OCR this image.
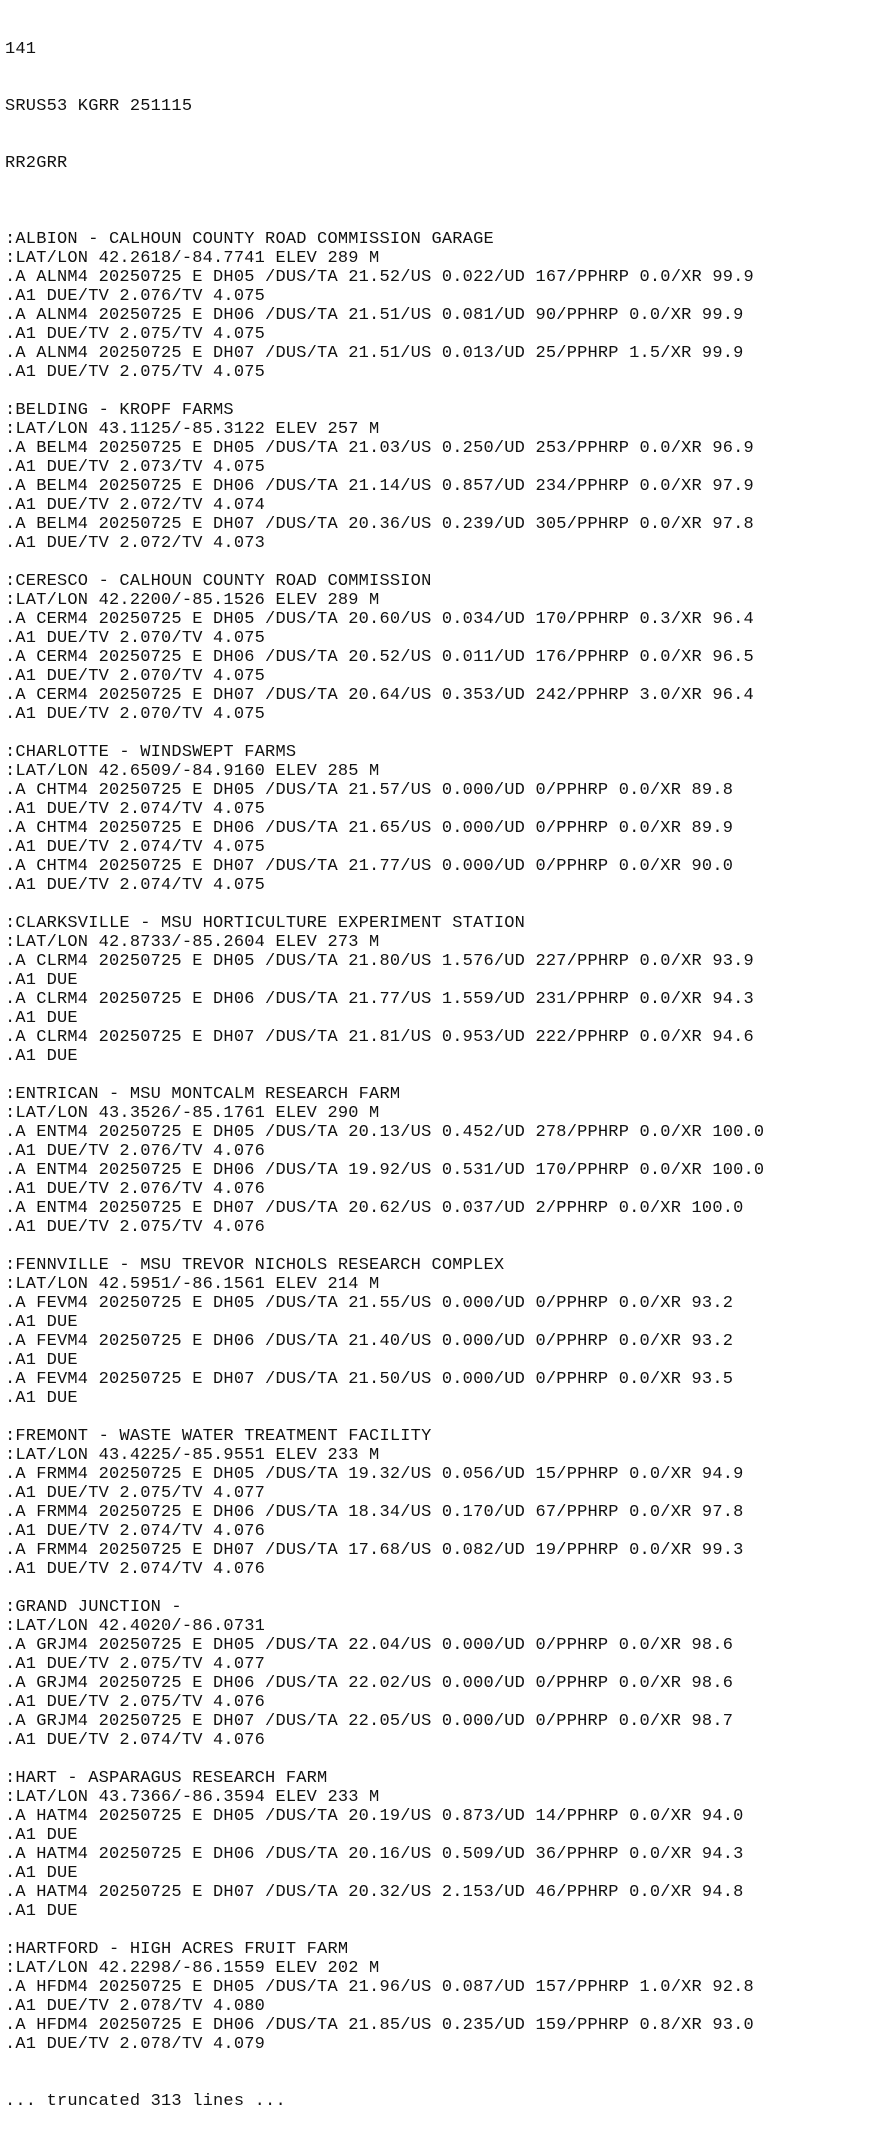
141

SRUS53 KGRR 251115

RR2GRR

:ALBION - CALHOUN COUNTY ROAD COMMISSION GARAGE
:LAT/LON 42.2618/-84.7741 ELEV 289 M
.A ALNM4 20250725 E DH05 /DUS/TA 21.52/US 0.022/UD 167/PPHRP 0.0/XR 99.9
.A1 DUE/TV 2.076/TV 4.075
.A ALNM4 20250725 E DH06 /DUS/TA 21.51/US 0.081/UD 90/PPHRP 0.0/XR 99.9
.A1 DUE/TV 2.075/TV 4.075
.A ALNM4 20250725 E DH07 /DUS/TA 21.51/US 0.013/UD 25/PPHRP 1.5/XR 99.9
.A1 DUE/TV 2.075/TV 4.075
:BELDING - KROPF FARMS
:LAT/LON 43.1125/-85.3122 ELEV 257 M
.A BELM4 20250725 E DH05 /DUS/TA 21.03/US 0.250/UD 253/PPHRP 0.0/XR 96.9
.A1 DUE/TV 2.073/TV 4.075
.A BELM4 20250725 E DH06 /DUS/TA 21.14/US 0.857/UD 234/PPHRP 0.0/XR 97.9
.A1 DUE/TV 2.072/TV 4.074
.A BELM4 20250725 E DH07 /DUS/TA 20.36/US 0.239/UD 305/PPHRP 0.0/XR 97.8
.A1 DUE/TV 2.072/TV 4.073
:CERESCO - CALHOUN COUNTY ROAD COMMISSION
:LAT/LON 42.2200/-85.1526 ELEV 289 M
.A CERM4 20250725 E DH05 /DUS/TA 20.60/US 0.034/UD 170/PPHRP 0.3/XR 96.4
.A1 DUE/TV 2.070/TV 4.075
.A CERM4 20250725 E DH06 /DUS/TA 20.52/US 0.011/UD 176/PPHRP 0.0/XR 96.5
.A1 DUE/TV 2.070/TV 4.075
.A CERM4 20250725 E DH07 /DUS/TA 20.64/US 0.353/UD 242/PPHRP 3.0/XR 96.4
.A1 DUE/TV 2.070/TV 4.075
:CHARLOTTE - WINDSWEPT FARMS
:LAT/LON 42.6509/-84.9160 ELEV 285 M
.A CHTM4 20250725 E DH05 /DUS/TA 21.57/US 0.000/UD 0/PPHRP 0.0/XR 89.8
.A1 DUE/TV 2.074/TV 4.075
.A CHTM4 20250725 E DH06 /DUS/TA 21.65/US 0.000/UD 0/PPHRP 0.0/XR 89.9
.A1 DUE/TV 2.074/TV 4.075
.A CHTM4 20250725 E DH07 /DUS/TA 21.77/US 0.000/UD 0/PPHRP 0.0/XR 90.0
.A1 DUE/TV 2.074/TV 4.075
:CLARKSVILLE - MSU HORTICULTURE EXPERIMENT STATION
:LAT/LON 42.8733/-85.2604 ELEV 273 M
.A CLRM4 20250725 E DH05 /DUS/TA 21.80/US 1.576/UD 227/PPHRP 0.0/XR 93.9
.A1 DUE
.A CLRM4 20250725 E DH06 /DUS/TA 21.77/US 1.559/UD 231/PPHRP 0.0/XR 94.3
.A1 DUE
.A CLRM4 20250725 E DH07 /DUS/TA 21.81/US 0.953/UD 222/PPHRP 0.0/XR 94.6
.A1 DUE
:ENTRICAN - MSU MONTCALM RESEARCH FARM
:LAT/LON 43.3526/-85.1761 ELEV 290 M
.A ENTM4 20250725 E DH05 /DUS/TA 20.13/US 0.452/UD 278/PPHRP 0.0/XR 100.0
.A1 DUE/TV 2.076/TV 4.076
.A ENTM4 20250725 E DH06 /DUS/TA 19.92/US 0.531/UD 170/PPHRP 0.0/XR 100.0
.A1 DUE/TV 2.076/TV 4.076
.A ENTM4 20250725 E DH07 /DUS/TA 20.62/US 0.037/UD 2/PPHRP 0.0/XR 100.0
.A1 DUE/TV 2.075/TV 4.076
:FENNVILLE - MSU TREVOR NICHOLS RESEARCH COMPLEX
:LAT/LON 42.5951/-86.1561 ELEV 214 M
.A FEVM4 20250725 E DH05 /DUS/TA 21.55/US 0.000/UD 0/PPHRP 0.0/XR 93.2
.A1 DUE
.A FEVM4 20250725 E DH06 /DUS/TA 21.40/US 0.000/UD 0/PPHRP 0.0/XR 93.2
.A1 DUE
.A FEVM4 20250725 E DH07 /DUS/TA 21.50/US 0.000/UD 0/PPHRP 0.0/XR 93.5
.A1 DUE
:FREMONT - WASTE WATER TREATMENT FACILITY
:LAT/LON 43.4225/-85.9551 ELEV 233 M
.A FRMM4 20250725 E DH05 /DUS/TA 19.32/US 0.056/UD 15/PPHRP 0.0/XR 94.9
.A1 DUE/TV 2.075/TV 4.077
.A FRMM4 20250725 E DH06 /DUS/TA 18.34/US 0.170/UD 67/PPHRP 0.0/XR 97.8
.A1 DUE/TV 2.074/TV 4.076
.A FRMM4 20250725 E DH07 /DUS/TA 17.68/US 0.082/UD 19/PPHRP 0.0/XR 99.3
.A1 DUE/TV 2.074/TV 4.076
:GRAND JUNCTION -
:LAT/LON 42.4020/-86.0731
.A GRJM4 20250725 E DH05 /DUS/TA 22.04/US 0.000/UD 0/PPHRP 0.0/XR 98.6
.A1 DUE/TV 2.075/TV 4.077
.A GRJM4 20250725 E DH06 /DUS/TA 22.02/US 0.000/UD 0/PPHRP 0.0/XR 98.6
.A1 DUE/TV 2.075/TV 4.076
.A GRJM4 20250725 E DH07 /DUS/TA 22.05/US 0.000/UD 0/PPHRP 0.0/XR 98.7
.A1 DUE/TV 2.074/TV 4.076
:HART - ASPARAGUS RESEARCH FARM
:LAT/LON 43.7366/-86.3594 ELEV 233 M
.A HATM4 20250725 E DH05 /DUS/TA 20.19/US 0.873/UD 14/PPHRP 0.0/XR 94.0
.A1 DUE
.A HATM4 20250725 E DH06 /DUS/TA 20.16/US 0.509/UD 36/PPHRP 0.0/XR 94.3
.A1 DUE
.A HATM4 20250725 E DH07 /DUS/TA 20.32/US 2.153/UD 46/PPHRP 0.0/XR 94.8
.A1 DUE
:HARTFORD - HIGH ACRES FRUIT FARM
:LAT/LON 42.2298/-86.1559 ELEV 202 M
.A HFDM4 20250725 E DH05 /DUS/TA 21.96/US 0.087/UD 157/PPHRP 1.0/XR 92.8
.A1 DUE/TV 2.078/TV 4.080
.A HFDM4 20250725 E DH06 /DUS/TA 21.85/US 0.235/UD 159/PPHRP 0.8/XR 93.0
.A1 DUE/TV 2.078/TV 4.079

... truncated 313 lines ...
